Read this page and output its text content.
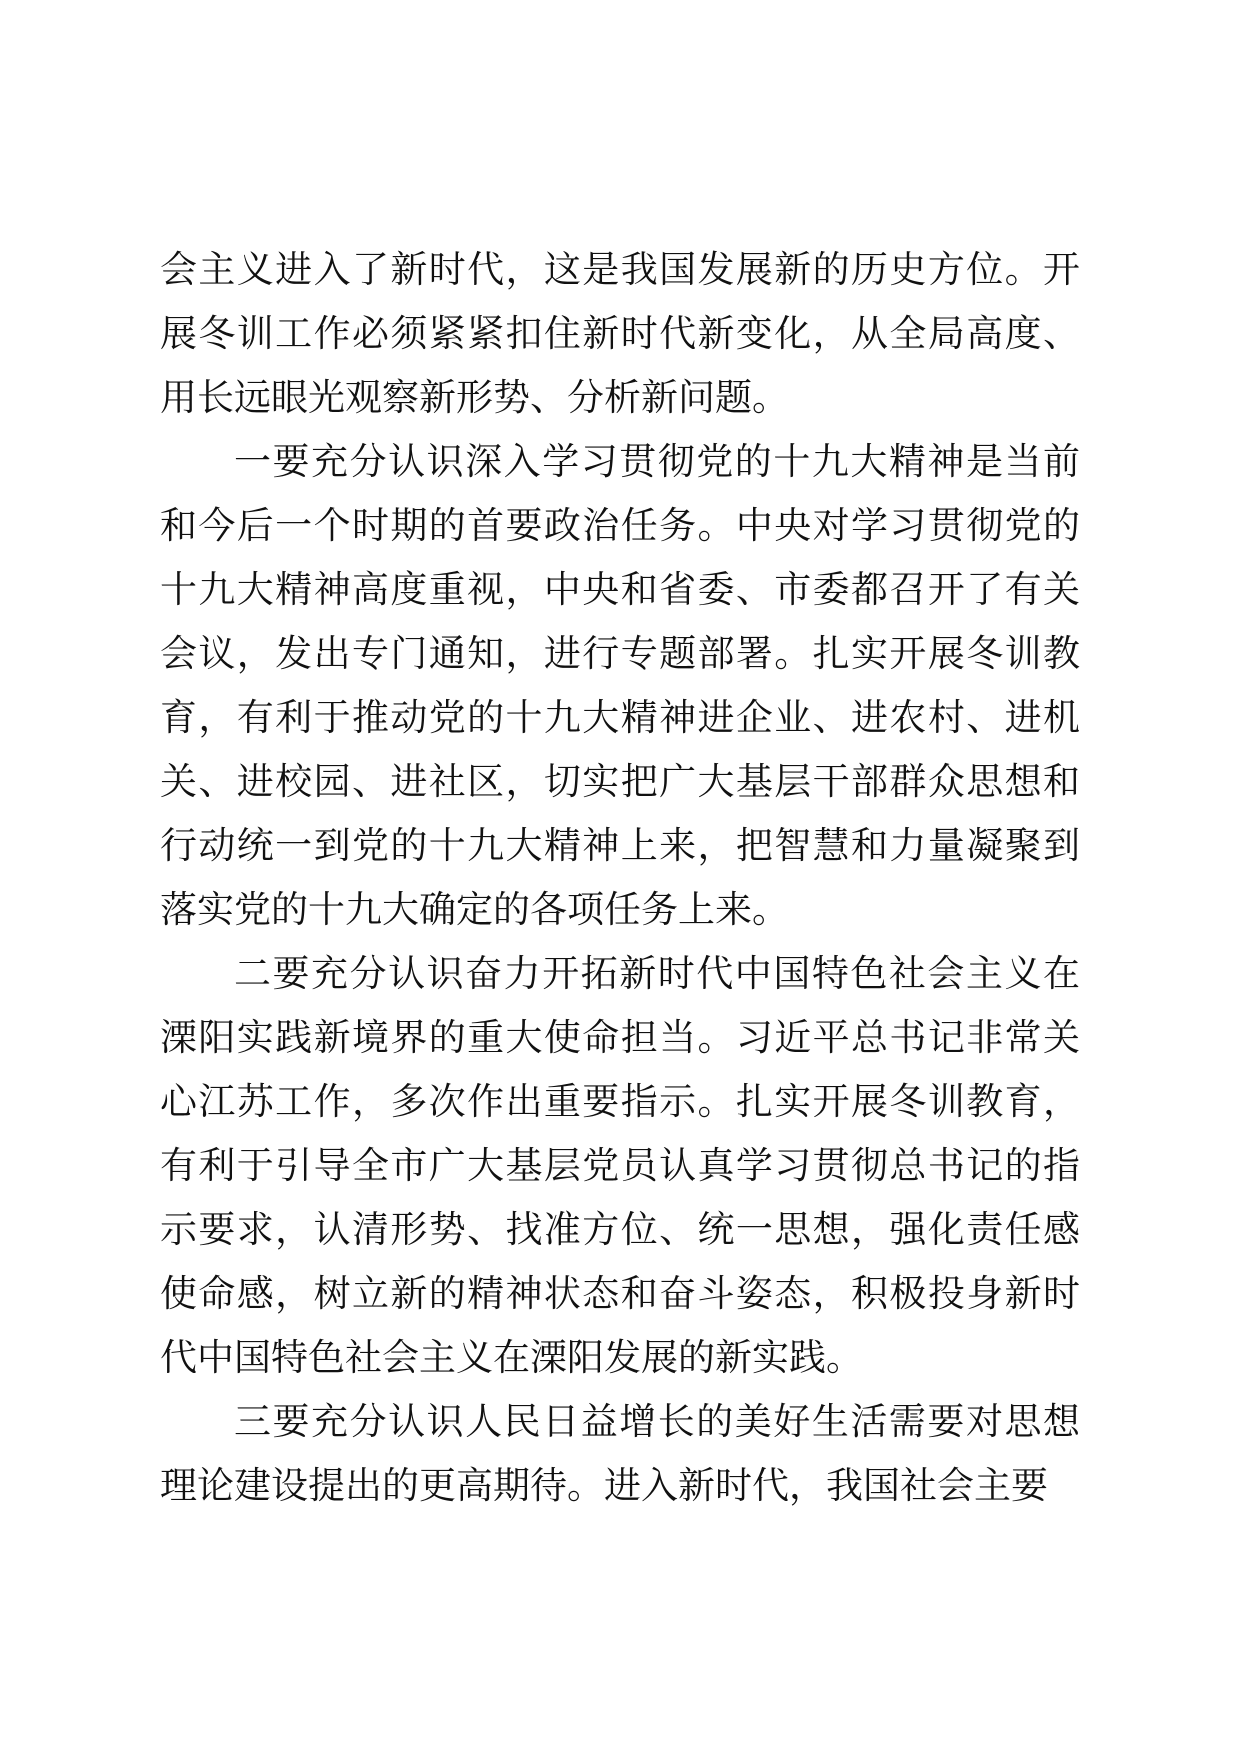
会主义进入了新时代，这是我国发展新的历史方位。开展冬训工作必须紧紧扣住新时代新变化，从全局高度、用长远眼光观察新形势、分析新问题。

一要充分认识深入学习贯彻党的十九大精神是当前和今后一个时期的首要政治任务。中央对学习贯彻党的十九大精神高度重视，中央和省委、市委都召开了有关会议，发出专门通知，进行专题部署。扎实开展冬训教育，有利于推动党的十九大精神进企业、进农村、进机关、进校园、进社区，切实把广大基层干部群众思想和行动统一到党的十九大精神上来，把智慧和力量凝聚到落实党的十九大确定的各项任务上来。

二要充分认识奋力开拓新时代中国特色社会主义在溧阳实践新境界的重大使命担当。习近平总书记非常关心江苏工作，多次作出重要指示。扎实开展冬训教育，有利于引导全市广大基层党员认真学习贯彻总书记的指示要求，认清形势、找准方位、统一思想，强化责任感使命感，树立新的精神状态和奋斗姿态，积极投身新时代中国特色社会主义在溧阳发展的新实践。

三要充分认识人民日益增长的美好生活需要对思想理论建设提出的更高期待。进入新时代，我国社会主要
